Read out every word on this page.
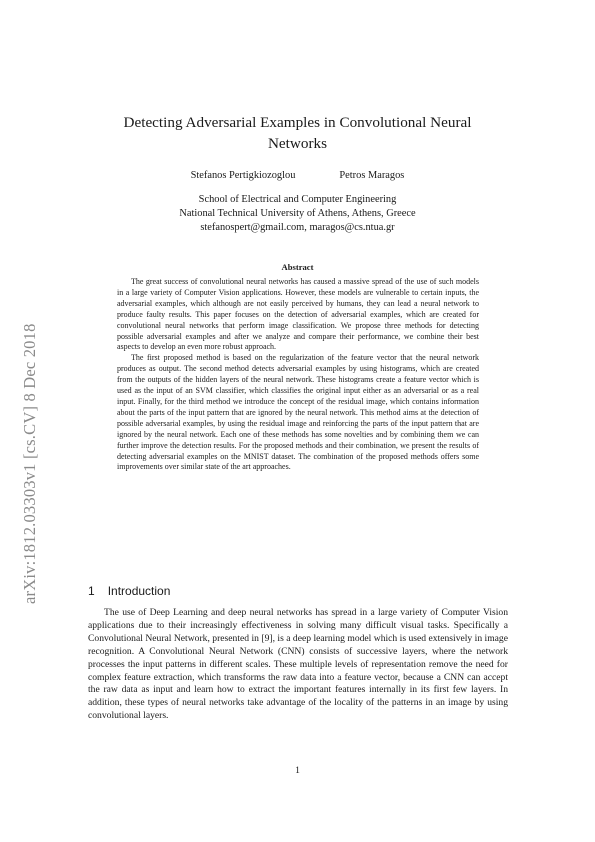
arXiv:1812.03303v1 [cs.CV] 8 Dec 2018
Detecting Adversarial Examples in Convolutional Neural Networks
Stefanos Pertigkiozoglou	Petros Maragos
School of Electrical and Computer Engineering
National Technical University of Athens, Athens, Greece
stefanospert@gmail.com, maragos@cs.ntua.gr
Abstract

The great success of convolutional neural networks has caused a massive spread of the use of such models in a large variety of Computer Vision applications. However, these models are vulnerable to certain inputs, the adversarial examples, which although are not easily perceived by humans, they can lead a neural network to produce faulty results. This paper focuses on the detection of adversarial examples, which are created for convolutional neural networks that perform image classification. We propose three methods for detecting possible adversarial examples and after we analyze and compare their performance, we combine their best aspects to develop an even more robust approach.

The first proposed method is based on the regularization of the feature vector that the neural network produces as output. The second method detects adversarial examples by using histograms, which are created from the outputs of the hidden layers of the neural network. These histograms create a feature vector which is used as the input of an SVM classifier, which classifies the original input either as an adversarial or as a real input. Finally, for the third method we introduce the concept of the residual image, which contains information about the parts of the input pattern that are ignored by the neural network. This method aims at the detection of possible adversarial examples, by using the residual image and reinforcing the parts of the input pattern that are ignored by the neural network. Each one of these methods has some novelties and by combining them we can further improve the detection results. For the proposed methods and their combination, we present the results of detecting adversarial examples on the MNIST dataset. The combination of the proposed methods offers some improvements over similar state of the art approaches.

1 Introduction

The use of Deep Learning and deep neural networks has spread in a large variety of Computer Vision applications due to their increasingly effectiveness in solving many difficult visual tasks. Specifically a Convolutional Neural Network, presented in [9], is a deep learning model which is used extensively in image recognition. A Convolutional Neural Network (CNN) consists of successive layers, where the network processes the input patterns in different scales. These multiple levels of representation remove the need for complex feature extraction, which transforms the raw data into a feature vector, because a CNN can accept the raw data as input and learn how to extract the important features internally in its first few layers. In addition, these types of neural networks take advantage of the locality of the patterns in an image by using convolutional layers.

1
